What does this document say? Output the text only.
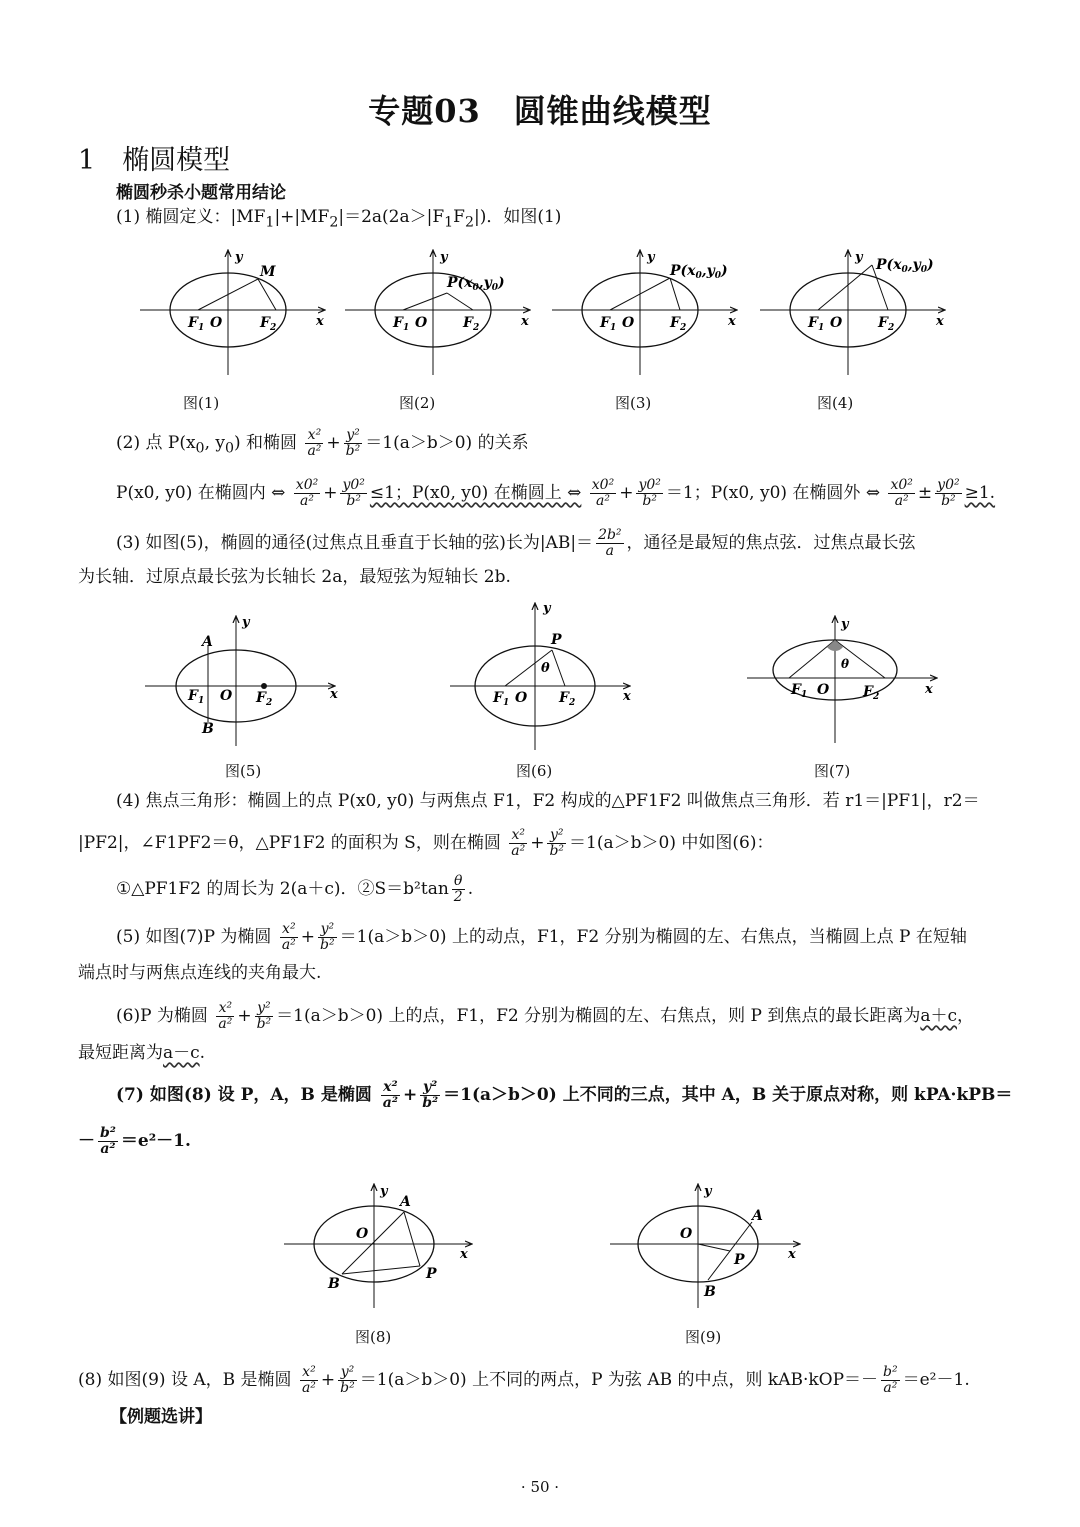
专题03　圆锥曲线模型
1　 椭圆模型
椭圆秒杀小题常用结论
(1) 椭圆定义：$|MF_1|+|MF_2|=2a(2a>|F_1F_2|)$．如图(1)
M
y
x
$F_1$ O	$F_2$
$P(x_0,y_0)$
y
x
$F_1$ O	$F_2$
$P(x_0,y_0)$
y
x
$F_1$ O	$F_2$
$P(x_0,y_0)$
y
x
$F_1$ O	$F_2$
图(1)	图(2)	图(3)	图(4)
(2) 点 $P(x_0$, $y_0$) 和椭圆 $\frac{\text{x²}}{\text{a²}} + \frac{\text{y²}}{\text{b²}} =1(a>b>0)$ 的关系
P(x0, y0) 在椭圆内 ⇔ $\frac{\text{x0²}}{\text{a²}} + \frac{\text{y0²}}{\text{b²}} \le 1$；P(x0, y0) 在椭圆上 ⇔ $\frac{\text{x0²}}{\text{a²}} + \frac{\text{y0²}}{\text{b²}} =1$；P(x0, y0) 在椭圆外 ⇔ $\frac{\text{x0²}}{\text{a²}} \pm \frac{\text{y0²}}{\text{b²}} \ge 1$.
(3) 如图(5)，椭圆的通径(过焦点且垂直于长轴的弦)长为$|AB|= \frac{\text{2b²}}{a}$ ，通径是最短的焦点弦．过焦点最长弦
为长轴．过原点最长弦为长轴长 2a，最短弦为短轴长 2b.
A
B
y
x
$F_1$ O $F_2$
P
θ
y
x
$F_1$ O $F_2$
θ
y
x
$F_1$ O $F_2$
图(5)	图(6)	图(7)
(4) 焦点三角形：椭圆上的点 P(x0, y0) 与两焦点 F1，F2 构成的△PF1F2 叫做焦点三角形．若 r1＝|PF1|，r2＝
|PF2|，∠F1PF2＝θ，△PF1F2 的面积为 S，则在椭圆 $\frac{\text{x²}}{\text{a²}} + \frac{\text{y²}}{\text{b²}} =1(a>b>0)$ 中如图(6)：
①△PF1F2 的周长为 2(a＋c)．②S＝b²tan $\frac{\theta}{2}$ .
(5) 如图(7)P 为椭圆 $\frac{\text{x²}}{\text{a²}} + \frac{\text{y²}}{\text{b²}} =1(a>b>0)$ 上的动点，F1，F2 分别为椭圆的左、右焦点，当椭圆上点 P 在短轴
端点时与两焦点连线的夹角最大.
(6)P 为椭圆 $\frac{\text{x²}}{\text{a²}} + \frac{\text{y²}}{\text{b²}} =1(a>b>0)$ 上的点，F1，F2 分别为椭圆的左、右焦点，则 P 到焦点的最长距离为a＋c，
最短距离为a－c.
(7) 如图(8) 设 P，A，B 是椭圆 $\frac{\text{x²}}{\text{a²}} + \frac{\text{y²}}{\text{b²}} =1(a>b>0)$ 上不同的三点，其中 A，B 关于原点对称，则 kPA·kPB＝
－ $\frac{\text{b²}}{\text{a²}} =e^2-1$.
A
B
P
O
y
x
A
B
P
O
y
x
图(8)	图(9)
(8) 如图(9) 设 A，B 是椭圆 $\frac{\text{x²}}{\text{a²}} + \frac{\text{y²}}{\text{b²}} =1(a>b>0)$ 上不同的两点，P 为弦 AB 的中点，则 $kAB\cdot kOP=- \frac{\text{b²}}{\text{a²}} =e^2-1$.
【例题选讲】
· 50 ·
